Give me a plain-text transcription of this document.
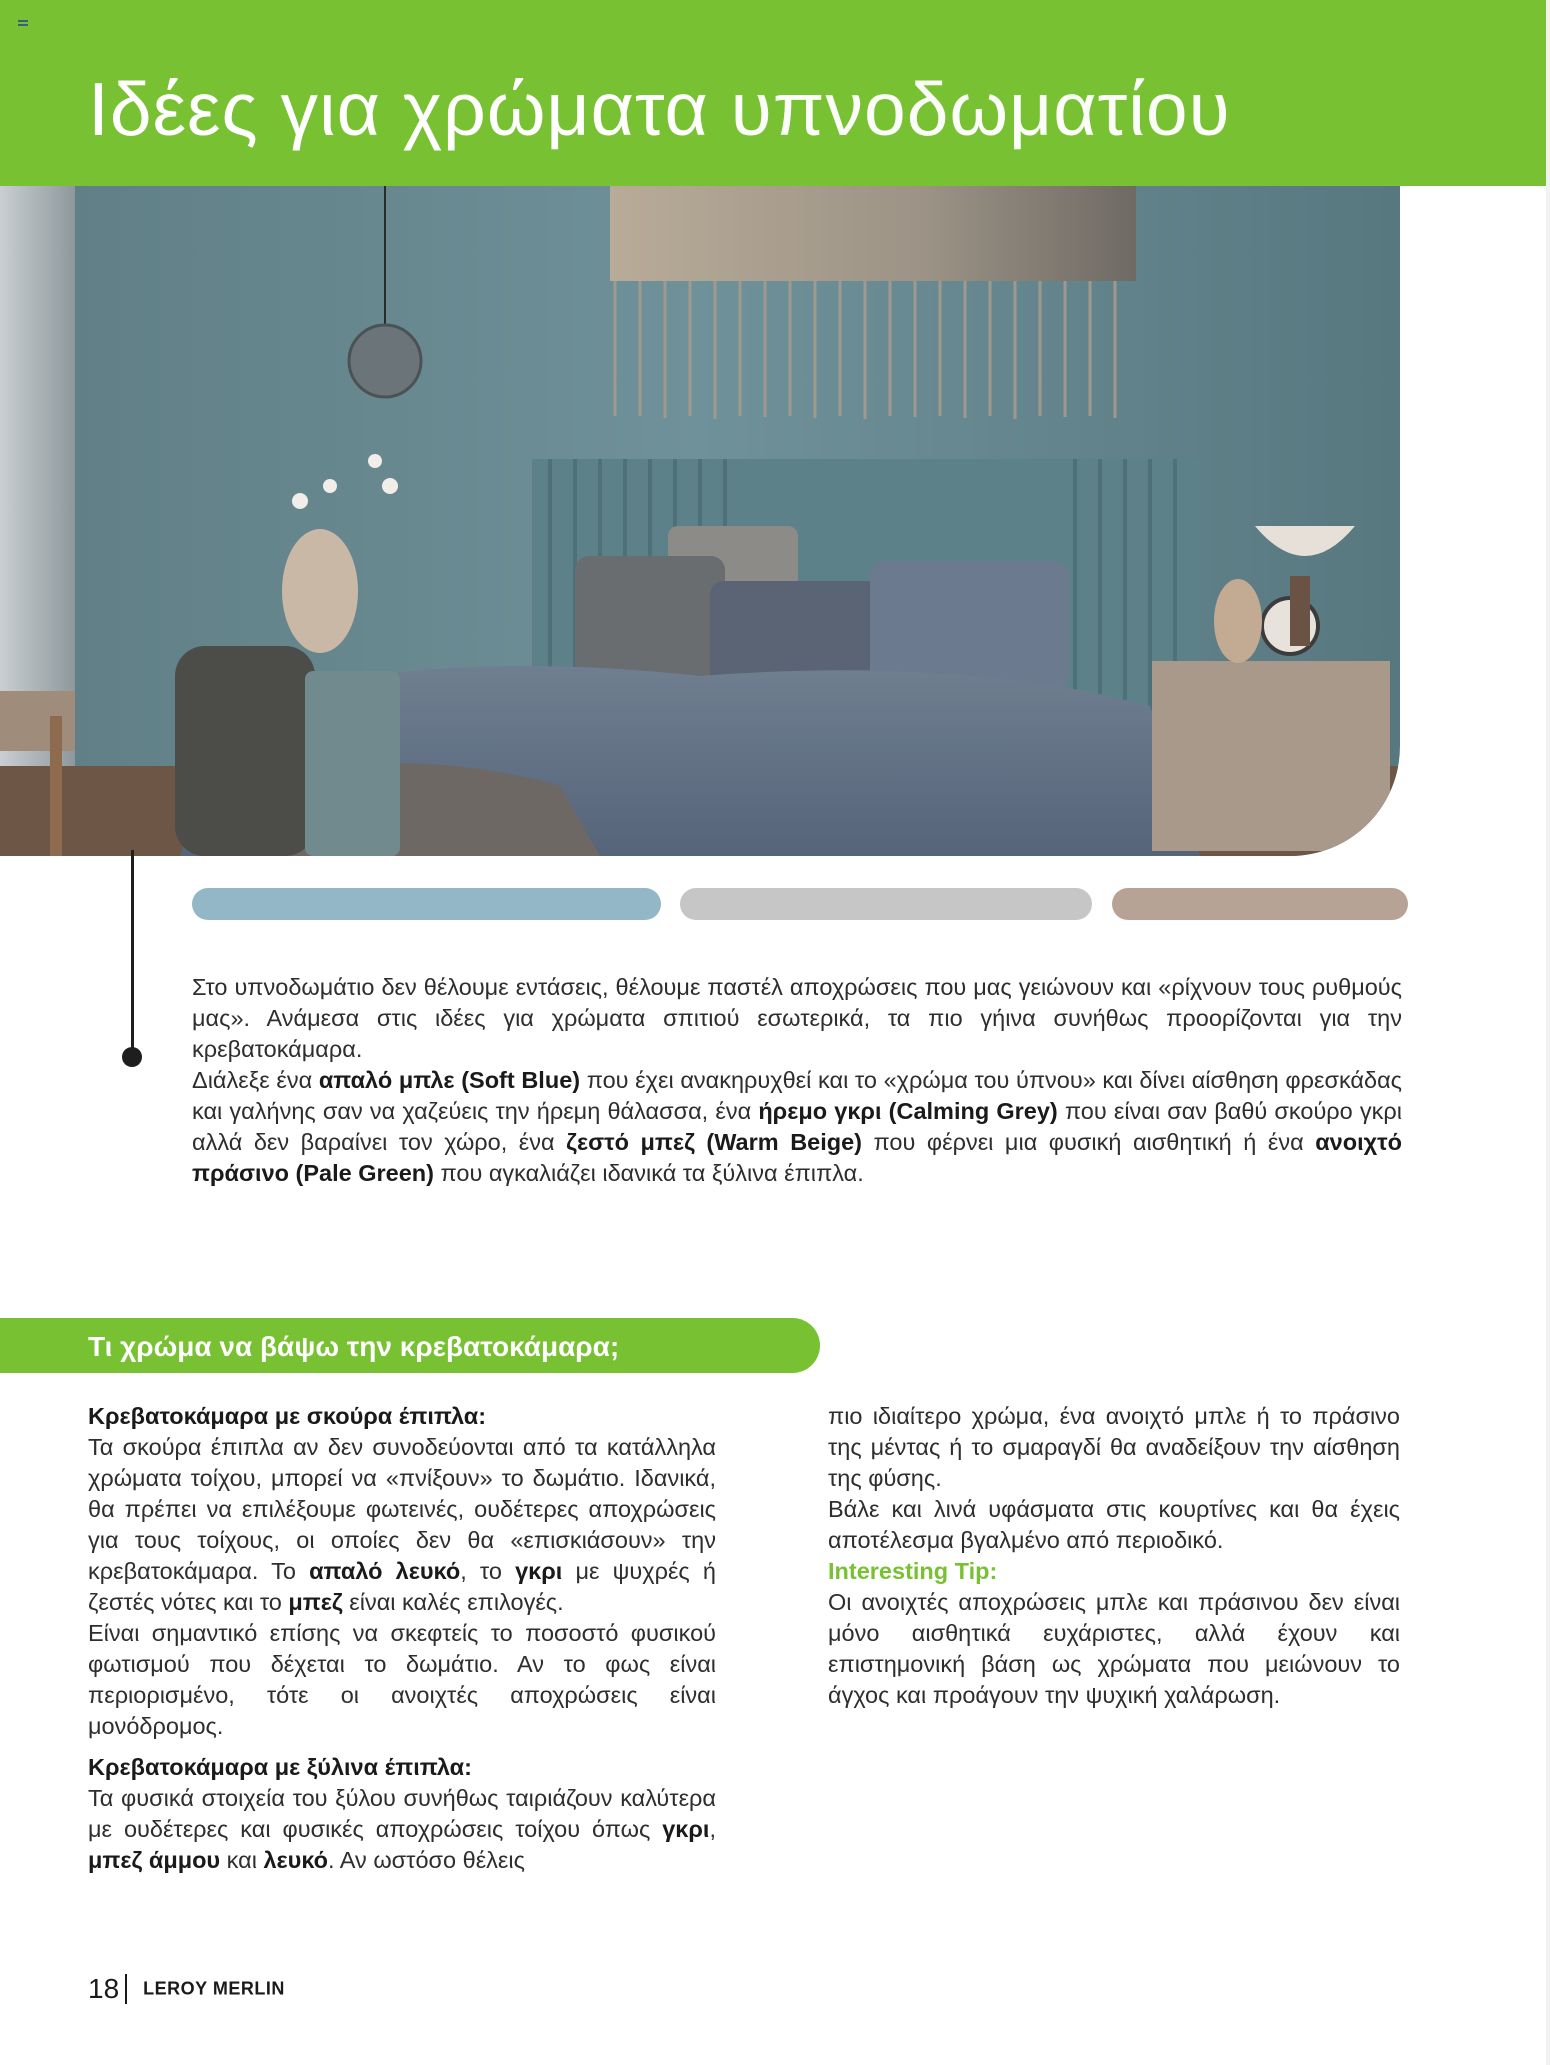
Ιδέες για χρώματα υπνοδωματίου

Στο υπνοδωμάτιο δεν θέλουμε εντάσεις, θέλουμε παστέλ αποχρώσεις που μας γειώνουν και «ρίχνουν τους ρυθμούς μας». Ανάμεσα στις ιδέες για χρώματα σπιτιού εσωτερικά, τα πιο γήινα συνήθως προορίζονται για την κρεβατοκάμαρα.

Διάλεξε ένα απαλό μπλε (Soft Blue) που έχει ανακηρυχθεί και το «χρώμα του ύπνου» και δίνει αίσθηση φρεσκάδας και γαλήνης σαν να χαζεύεις την ήρεμη θάλασσα, ένα ήρεμο γκρι (Calming Grey) που είναι σαν βαθύ σκούρο γκρι αλλά δεν βαραίνει τον χώρο, ένα ζεστό μπεζ (Warm Beige) που φέρνει μια φυσική αισθητική ή ένα ανοιχτό πράσινο (Pale Green) που αγκαλιάζει ιδανικά τα ξύλινα έπιπλα.

Τι χρώμα να βάψω την κρεβατοκάμαρα;

Κρεβατοκάμαρα με σκούρα έπιπλα:

Τα σκούρα έπιπλα αν δεν συνοδεύονται από τα κατάλληλα χρώματα τοίχου, μπορεί να «πνίξουν» το δωμάτιο. Ιδανικά, θα πρέπει να επιλέξουμε φωτεινές, ουδέτερες αποχρώσεις για τους τοίχους, οι οποίες δεν θα «επισκιάσουν» την κρεβατοκάμαρα. Το απαλό λευκό, το γκρι με ψυχρές ή ζεστές νότες και το μπεζ είναι καλές επιλογές.

Είναι σημαντικό επίσης να σκεφτείς το ποσοστό φυσικού φωτισμού που δέχεται το δωμάτιο. Αν το φως είναι περιορισμένο, τότε οι ανοιχτές αποχρώσεις είναι μονόδρομος.

Κρεβατοκάμαρα με ξύλινα έπιπλα:

Τα φυσικά στοιχεία του ξύλου συνήθως ταιριάζουν καλύτερα με ουδέτερες και φυσικές αποχρώσεις τοίχου όπως γκρι, μπεζ άμμου και λευκό. Αν ωστόσο θέλεις

πιο ιδιαίτερο χρώμα, ένα ανοιχτό μπλε ή το πράσινο της μέντας ή το σμαραγδί θα αναδείξουν την αίσθηση της φύσης.

Βάλε και λινά υφάσματα στις κουρτίνες και θα έχεις αποτέλεσμα βγαλμένο από περιοδικό.

Interesting Tip:

Οι ανοιχτές αποχρώσεις μπλε και πράσινου δεν είναι μόνο αισθητικά ευχάριστες, αλλά έχουν και επιστημονική βάση ως χρώματα που μειώνουν το άγχος και προάγουν την ψυχική χαλάρωση.

18 LEROY MERLIN
